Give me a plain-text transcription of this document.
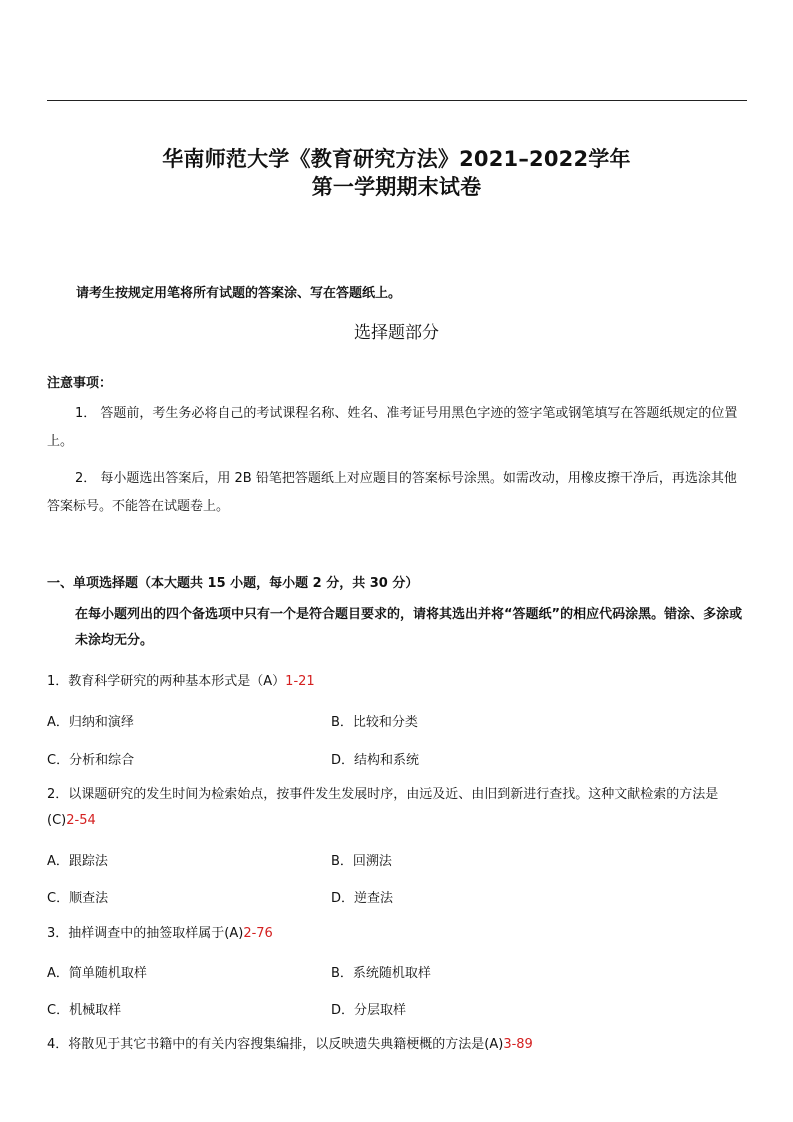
华南师范大学《教育研究方法》2021–2022学年
第一学期期末试卷
请考生按规定用笔将所有试题的答案涂、写在答题纸上。
选择题部分
注意事项：
1． 答题前，考生务必将自己的考试课程名称、姓名、准考证号用黑色字迹的签字笔或钢笔填写在答题纸规定的位置上。
2． 每小题选出答案后，用 2B 铅笔把答题纸上对应题目的答案标号涂黑。如需改动，用橡皮擦干净后，再选涂其他答案标号。不能答在试题卷上。
一、单项选择题（本大题共 15 小题，每小题 2 分，共 30 分）
在每小题列出的四个备选项中只有一个是符合题目要求的，请将其选出并将“答题纸”的相应代码涂黑。错涂、多涂或未涂均无分。
1．教育科学研究的两种基本形式是（A）1-21
A．归纳和演绎	B．比较和分类
C．分析和综合	D．结构和系统
2．以课题研究的发生时间为检索始点，按事件发生发展时序，由远及近、由旧到新进行查找。这种文献检索的方法是 (C)2-54
A．跟踪法	B．回溯法
C．顺查法	D．逆查法
3．抽样调查中的抽签取样属于(A)2-76
A．简单随机取样	B．系统随机取样
C．机械取样	D．分层取样
4．将散见于其它书籍中的有关内容搜集编排，以反映遗失典籍梗概的方法是(A)3-89
